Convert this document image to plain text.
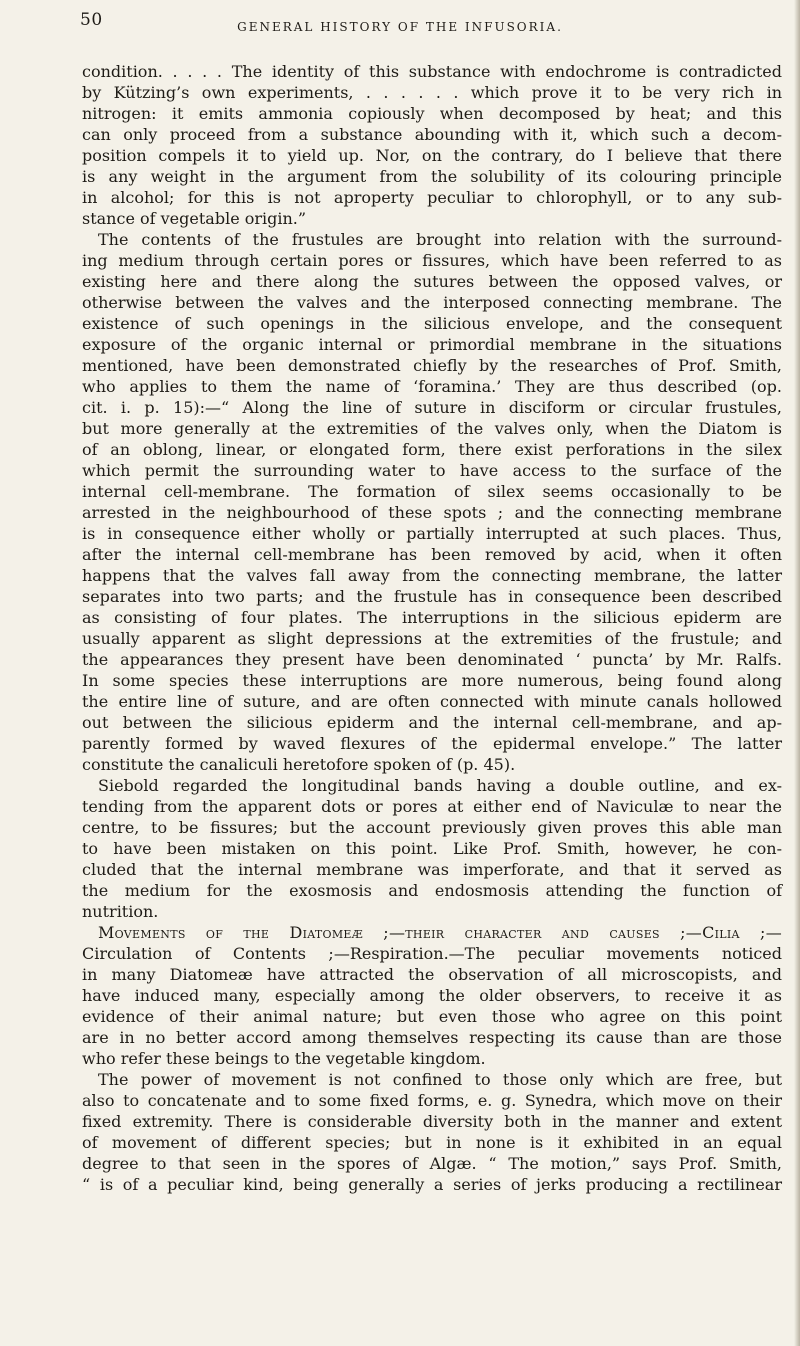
50	GENERAL HISTORY OF THE INFUSORIA.
condition. . . . . The identity of this substance with endochrome is contradicted
by Kützing’s own experiments, . . . . . . which prove it to be very rich in
nitrogen: it emits ammonia copiously when decomposed by heat; and this
can only proceed from a substance abounding with it, which such a decom-
position compels it to yield up. Nor, on the contrary, do I believe that there
is any weight in the argument from the solubility of its colouring principle
in alcohol; for this is not aproperty peculiar to chlorophyll, or to any sub-
stance of vegetable origin.”
The contents of the frustules are brought into relation with the surround-
ing medium through certain pores or fissures, which have been referred to as
existing here and there along the sutures between the opposed valves, or
otherwise between the valves and the interposed connecting membrane. The
existence of such openings in the silicious envelope, and the consequent
exposure of the organic internal or primordial membrane in the situations
mentioned, have been demonstrated chiefly by the researches of Prof. Smith,
who applies to them the name of ‘foramina.’ They are thus described (op.
cit. i. p. 15):—“ Along the line of suture in disciform or circular frustules,
but more generally at the extremities of the valves only, when the Diatom is
of an oblong, linear, or elongated form, there exist perforations in the silex
which permit the surrounding water to have access to the surface of the
internal cell-membrane. The formation of silex seems occasionally to be
arrested in the neighbourhood of these spots ; and the connecting membrane
is in consequence either wholly or partially interrupted at such places. Thus,
after the internal cell-membrane has been removed by acid, when it often
happens that the valves fall away from the connecting membrane, the latter
separates into two parts; and the frustule has in consequence been described
as consisting of four plates. The interruptions in the silicious epiderm are
usually apparent as slight depressions at the extremities of the frustule; and
the appearances they present have been denominated ‘ puncta’ by Mr. Ralfs.
In some species these interruptions are more numerous, being found along
the entire line of suture, and are often connected with minute canals hollowed
out between the silicious epiderm and the internal cell-membrane, and ap-
parently formed by waved flexures of the epidermal envelope.” The latter
constitute the canaliculi heretofore spoken of (p. 45).
Siebold regarded the longitudinal bands having a double outline, and ex-
tending from the apparent dots or pores at either end of Naviculæ to near the
centre, to be fissures; but the account previously given proves this able man
to have been mistaken on this point. Like Prof. Smith, however, he con-
cluded that the internal membrane was imperforate, and that it served as
the medium for the exosmosis and endosmosis attending the function of
nutrition.
Movements of the Diatomeæ ;—their character and causes ;—Cilia ;—
Circulation of Contents ;—Respiration.—The peculiar movements noticed
in many Diatomeæ have attracted the observation of all microscopists, and
have induced many, especially among the older observers, to receive it as
evidence of their animal nature; but even those who agree on this point
are in no better accord among themselves respecting its cause than are those
who refer these beings to the vegetable kingdom.
The power of movement is not confined to those only which are free, but
also to concatenate and to some fixed forms, e. g. Synedra, which move on their
fixed extremity. There is considerable diversity both in the manner and extent
of movement of different species; but in none is it exhibited in an equal
degree to that seen in the spores of Algæ. “ The motion,” says Prof. Smith,
“ is of a peculiar kind, being generally a series of jerks producing a rectilinear
